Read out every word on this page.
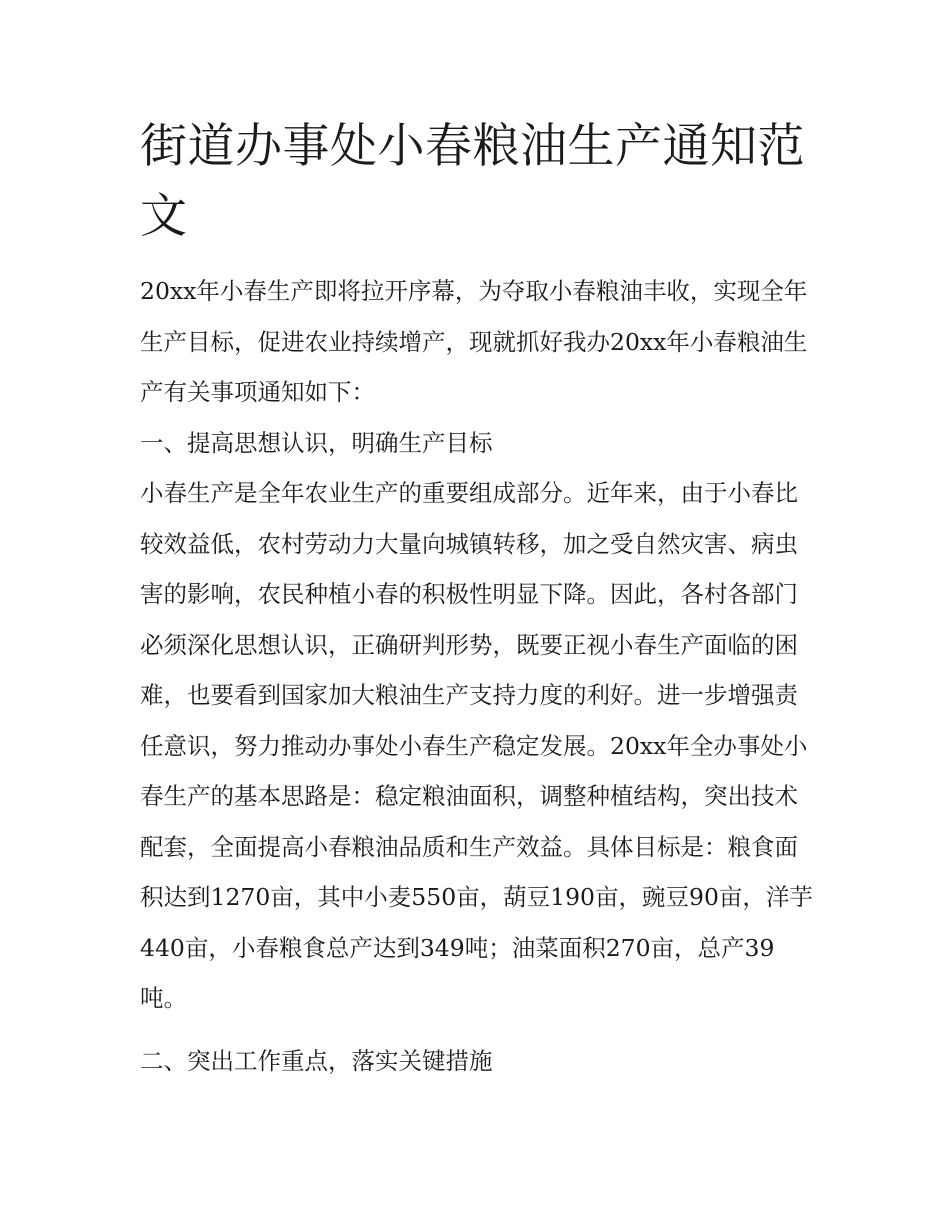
街道办事处小春粮油生产通知范文

20xx年小春生产即将拉开序幕，为夺取小春粮油丰收，实现全年生产目标，促进农业持续增产，现就抓好我办20xx年小春粮油生产有关事项通知如下：

一、提高思想认识，明确生产目标

小春生产是全年农业生产的重要组成部分。近年来，由于小春比较效益低，农村劳动力大量向城镇转移，加之受自然灾害、病虫害的影响，农民种植小春的积极性明显下降。因此，各村各部门必须深化思想认识，正确研判形势，既要正视小春生产面临的困难，也要看到国家加大粮油生产支持力度的利好。进一步增强责任意识，努力推动办事处小春生产稳定发展。20xx年全办事处小春生产的基本思路是：稳定粮油面积，调整种植结构，突出技术配套，全面提高小春粮油品质和生产效益。具体目标是：粮食面积达到1270亩，其中小麦550亩，葫豆190亩，豌豆90亩，洋芋440亩，小春粮食总产达到349吨；油菜面积270亩，总产39吨。

二、突出工作重点，落实关键措施
